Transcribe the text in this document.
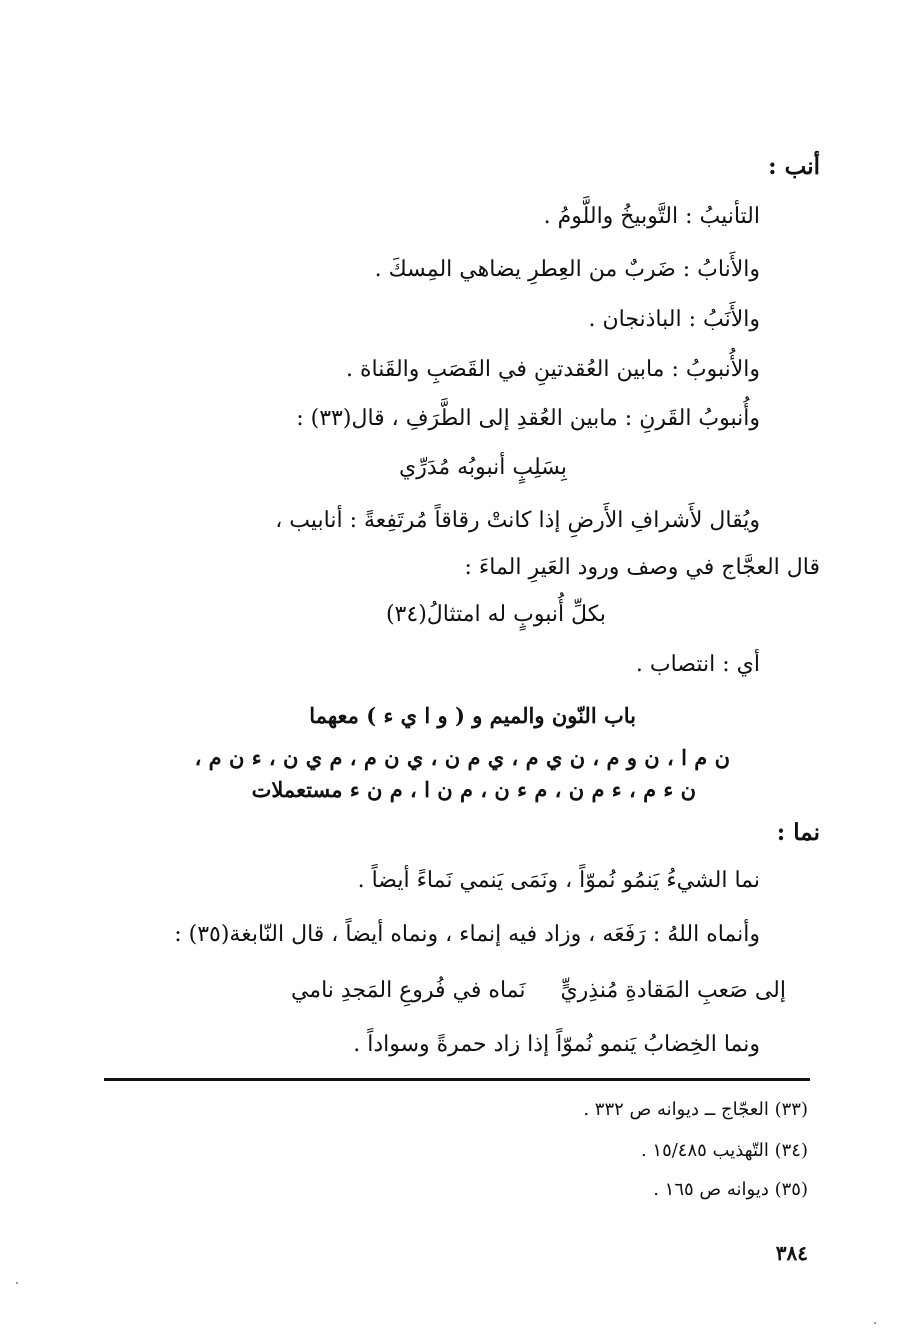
أنب :
التأنيبُ : التَّوبيخُ واللَّومُ .
والأَنابُ : ضَربٌ من العِطرِ يضاهي المِسكَ .
والأَنَبُ : الباذنجان .
والأُنبوبُ : مابين العُقدتينِ في القَصَبِ والقَناة .
وأُنبوبُ القَرنِ : مابين العُقدِ إلى الطَّرَفِ ، قال(٣٣) :
بِسَلِبٍ أنبوبُه مُدَرِّي
ويُقال لأَشرافِ الأَرضِ إذا كانتْ رقاقاً مُرتَفِعةً : أنابيب ،
قال العجَّاج في وصف ورود العَيرِ الماءَ :
بكلِّ أُنبوبٍ له امتثالُ(٣٤)
أي : انتصاب .
باب النّون والميم و ( و ا ي ء ) معهما
ن م ا ، ن و م ، ن ي م ، ي م ن ، ي ن م ، م ي ن ، ء ن م ،
ن ء م ، ء م ن ، م ء ن ، م ن ا ، م ن ء مستعملات
نما :
نما الشيءُ يَنمُو نُموّاً ، ونَمَى يَنمي نَماءً أيضاً .
وأنماه اللهُ : رَفَعَه ، وزاد فيه إنماء ، ونماه أيضاً ، قال النّابغة(٣٥) :
إلى صَعبِ المَقادةِ مُنذِريٍّ     نَماه في فُروعِ المَجدِ نامي
ونما الخِضابُ يَنمو نُموّاً إذا زاد حمرةً وسواداً .
(٣٣) العجّاج ــ ديوانه ص ٣٣٢ .
(٣٤) التّهذيب ١٥/٤٨٥ .
(٣٥) ديوانه ص ١٦٥ .
٣٨٤
